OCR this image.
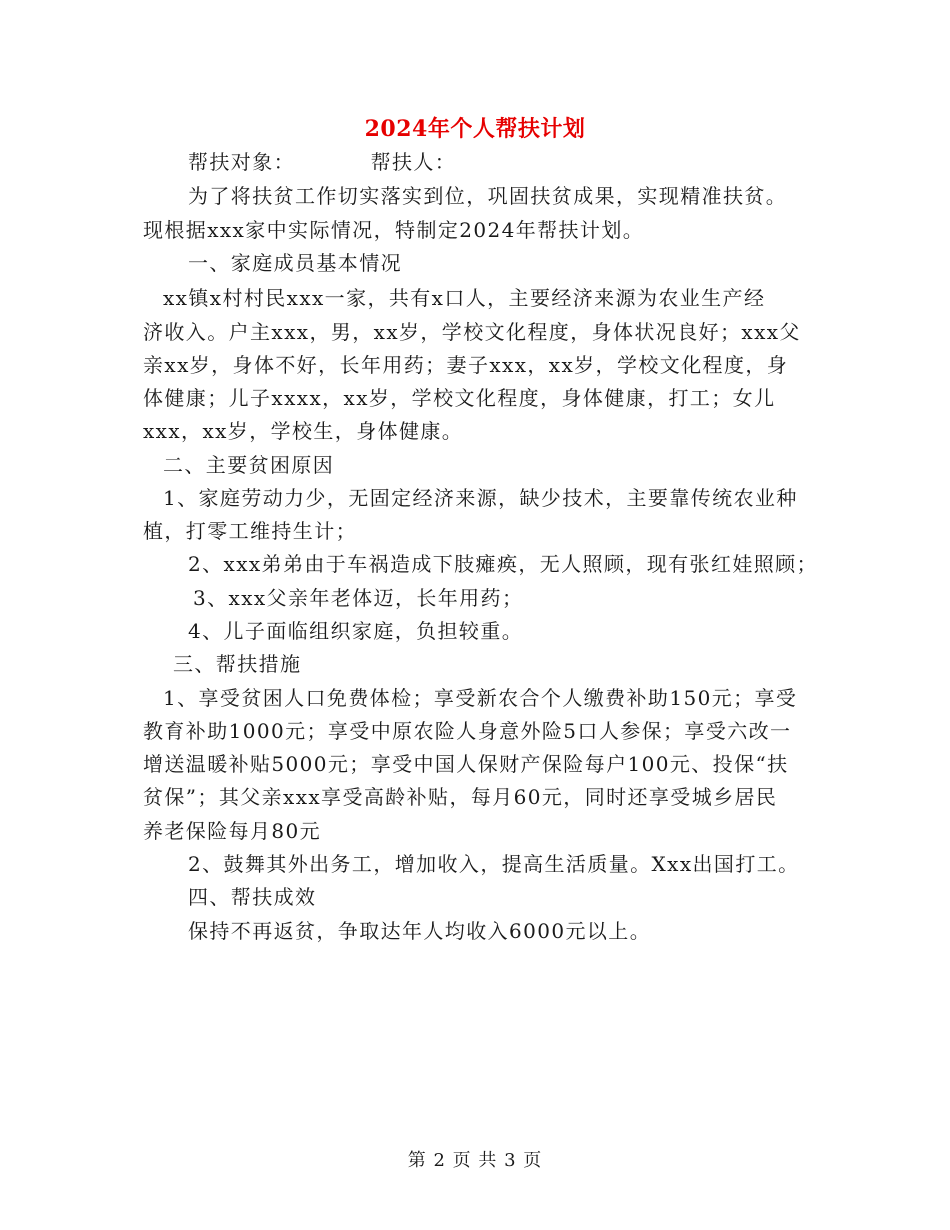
2024年个人帮扶计划
帮扶对象：　　　　帮扶人：
为了将扶贫工作切实落实到位，巩固扶贫成果，实现精准扶贫。
现根据xxx家中实际情况，特制定2024年帮扶计划。
一、家庭成员基本情况
xx镇x村村民xxx一家，共有x口人，主要经济来源为农业生产经
济收入。户主xxx，男，xx岁，学校文化程度，身体状况良好；xxx父
亲xx岁，身体不好，长年用药；妻子xxx，xx岁，学校文化程度，身
体健康；儿子xxxx，xx岁，学校文化程度，身体健康，打工；女儿
xxx，xx岁，学校生，身体健康。
二、主要贫困原因
1、家庭劳动力少，无固定经济来源，缺少技术，主要靠传统农业种
植，打零工维持生计；
2、xxx弟弟由于车祸造成下肢瘫痪，无人照顾，现有张红娃照顾；
3、xxx父亲年老体迈，长年用药；
4、儿子面临组织家庭，负担较重。
三、帮扶措施
1、享受贫困人口免费体检；享受新农合个人缴费补助150元；享受
教育补助1000元；享受中原农险人身意外险5口人参保；享受六改一
增送温暖补贴5000元；享受中国人保财产保险每户100元、投保“扶
贫保”；其父亲xxx享受高龄补贴，每月60元，同时还享受城乡居民
养老保险每月80元
2、鼓舞其外出务工，增加收入，提高生活质量。Xxx出国打工。
四、帮扶成效
保持不再返贫，争取达年人均收入6000元以上。
第 2 页 共 3 页
